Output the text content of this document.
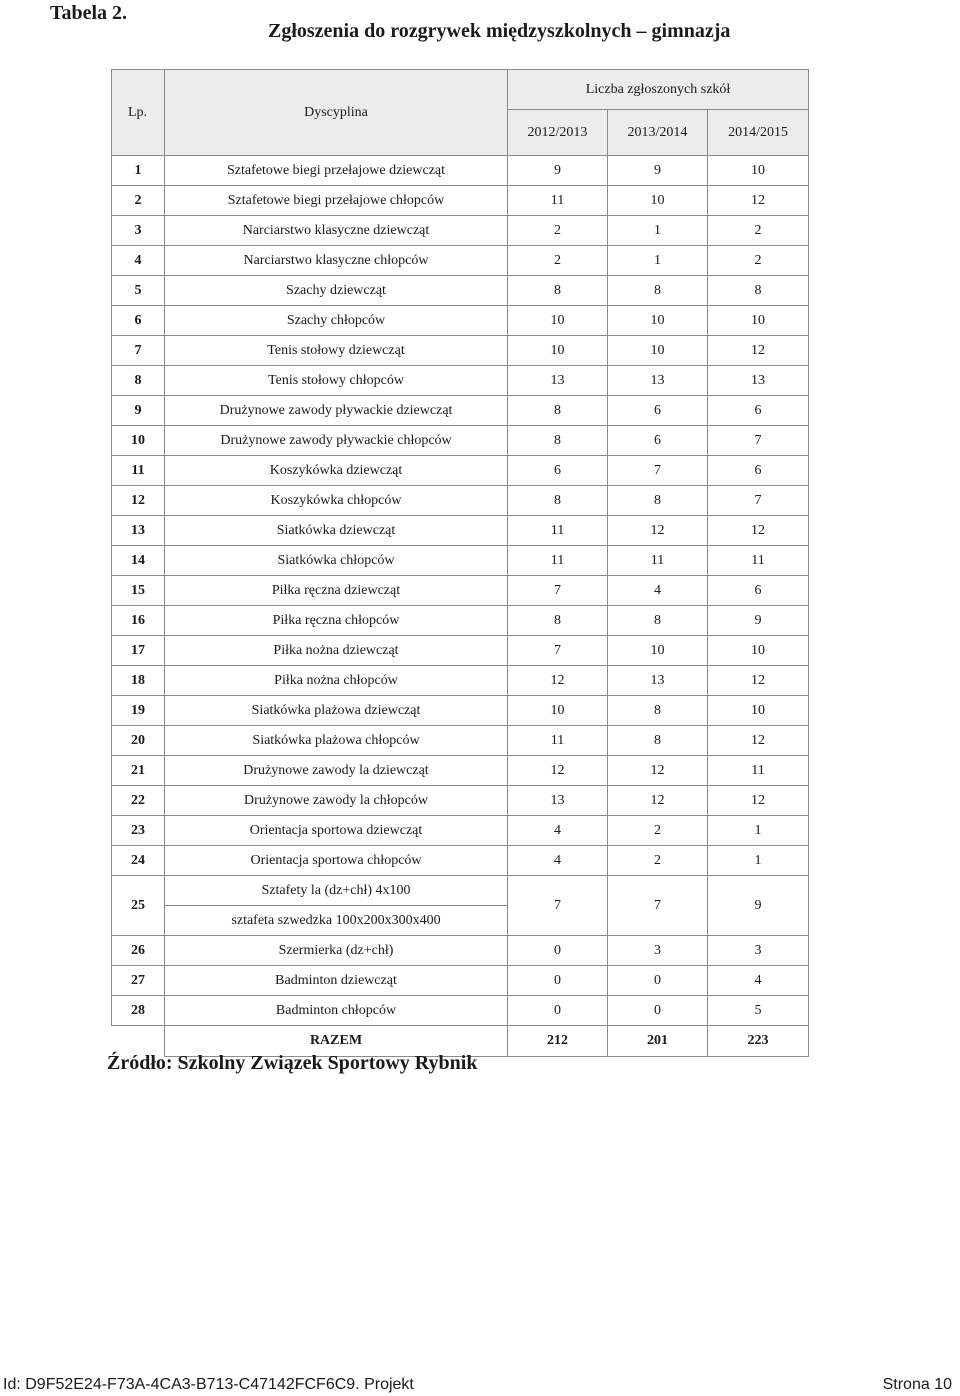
Tabela 2.
Zgłoszenia do rozgrywek międzyszkolnych – gimnazja
Lp.	Dyscyplina	Liczba zgłoszonych szkół		
		2012/2013	2013/2014	2014/2015
1	Sztafetowe biegi przełajowe dziewcząt	9	9	10
2	Sztafetowe biegi przełajowe chłopców	11	10	12
3	Narciarstwo klasyczne dziewcząt	2	1	2
4	Narciarstwo klasyczne chłopców	2	1	2
5	Szachy dziewcząt	8	8	8
6	Szachy chłopców	10	10	10
7	Tenis stołowy dziewcząt	10	10	12
8	Tenis stołowy chłopców	13	13	13
9	Drużynowe zawody pływackie dziewcząt	8	6	6
10	Drużynowe zawody pływackie chłopców	8	6	7
11	Koszykówka dziewcząt	6	7	6
12	Koszykówka chłopców	8	8	7
13	Siatkówka dziewcząt	11	12	12
14	Siatkówka chłopców	11	11	11
15	Piłka ręczna dziewcząt	7	4	6
16	Piłka ręczna chłopców	8	8	9
17	Piłka nożna dziewcząt	7	10	10
18	Piłka nożna chłopców	12	13	12
19	Siatkówka plażowa dziewcząt	10	8	10
20	Siatkówka plażowa chłopców	11	8	12
21	Drużynowe zawody la dziewcząt	12	12	11
22	Drużynowe zawody la chłopców	13	12	12
23	Orientacja sportowa dziewcząt	4	2	1
24	Orientacja sportowa chłopców	4	2	1
25	Sztafety la (dz+chł) 4x100
sztafeta szwedzka 100x200x300x400	7	7	9
26	Szermierka (dz+chł)	0	3	3
27	Badminton dziewcząt	0	0	4
28	Badminton chłopców	0	0	5
	RAZEM	212	201	223
Źródło: Szkolny Związek Sportowy Rybnik
Id: D9F52E24-F73A-4CA3-B713-C47142FCF6C9. Projekt	Strona 10
